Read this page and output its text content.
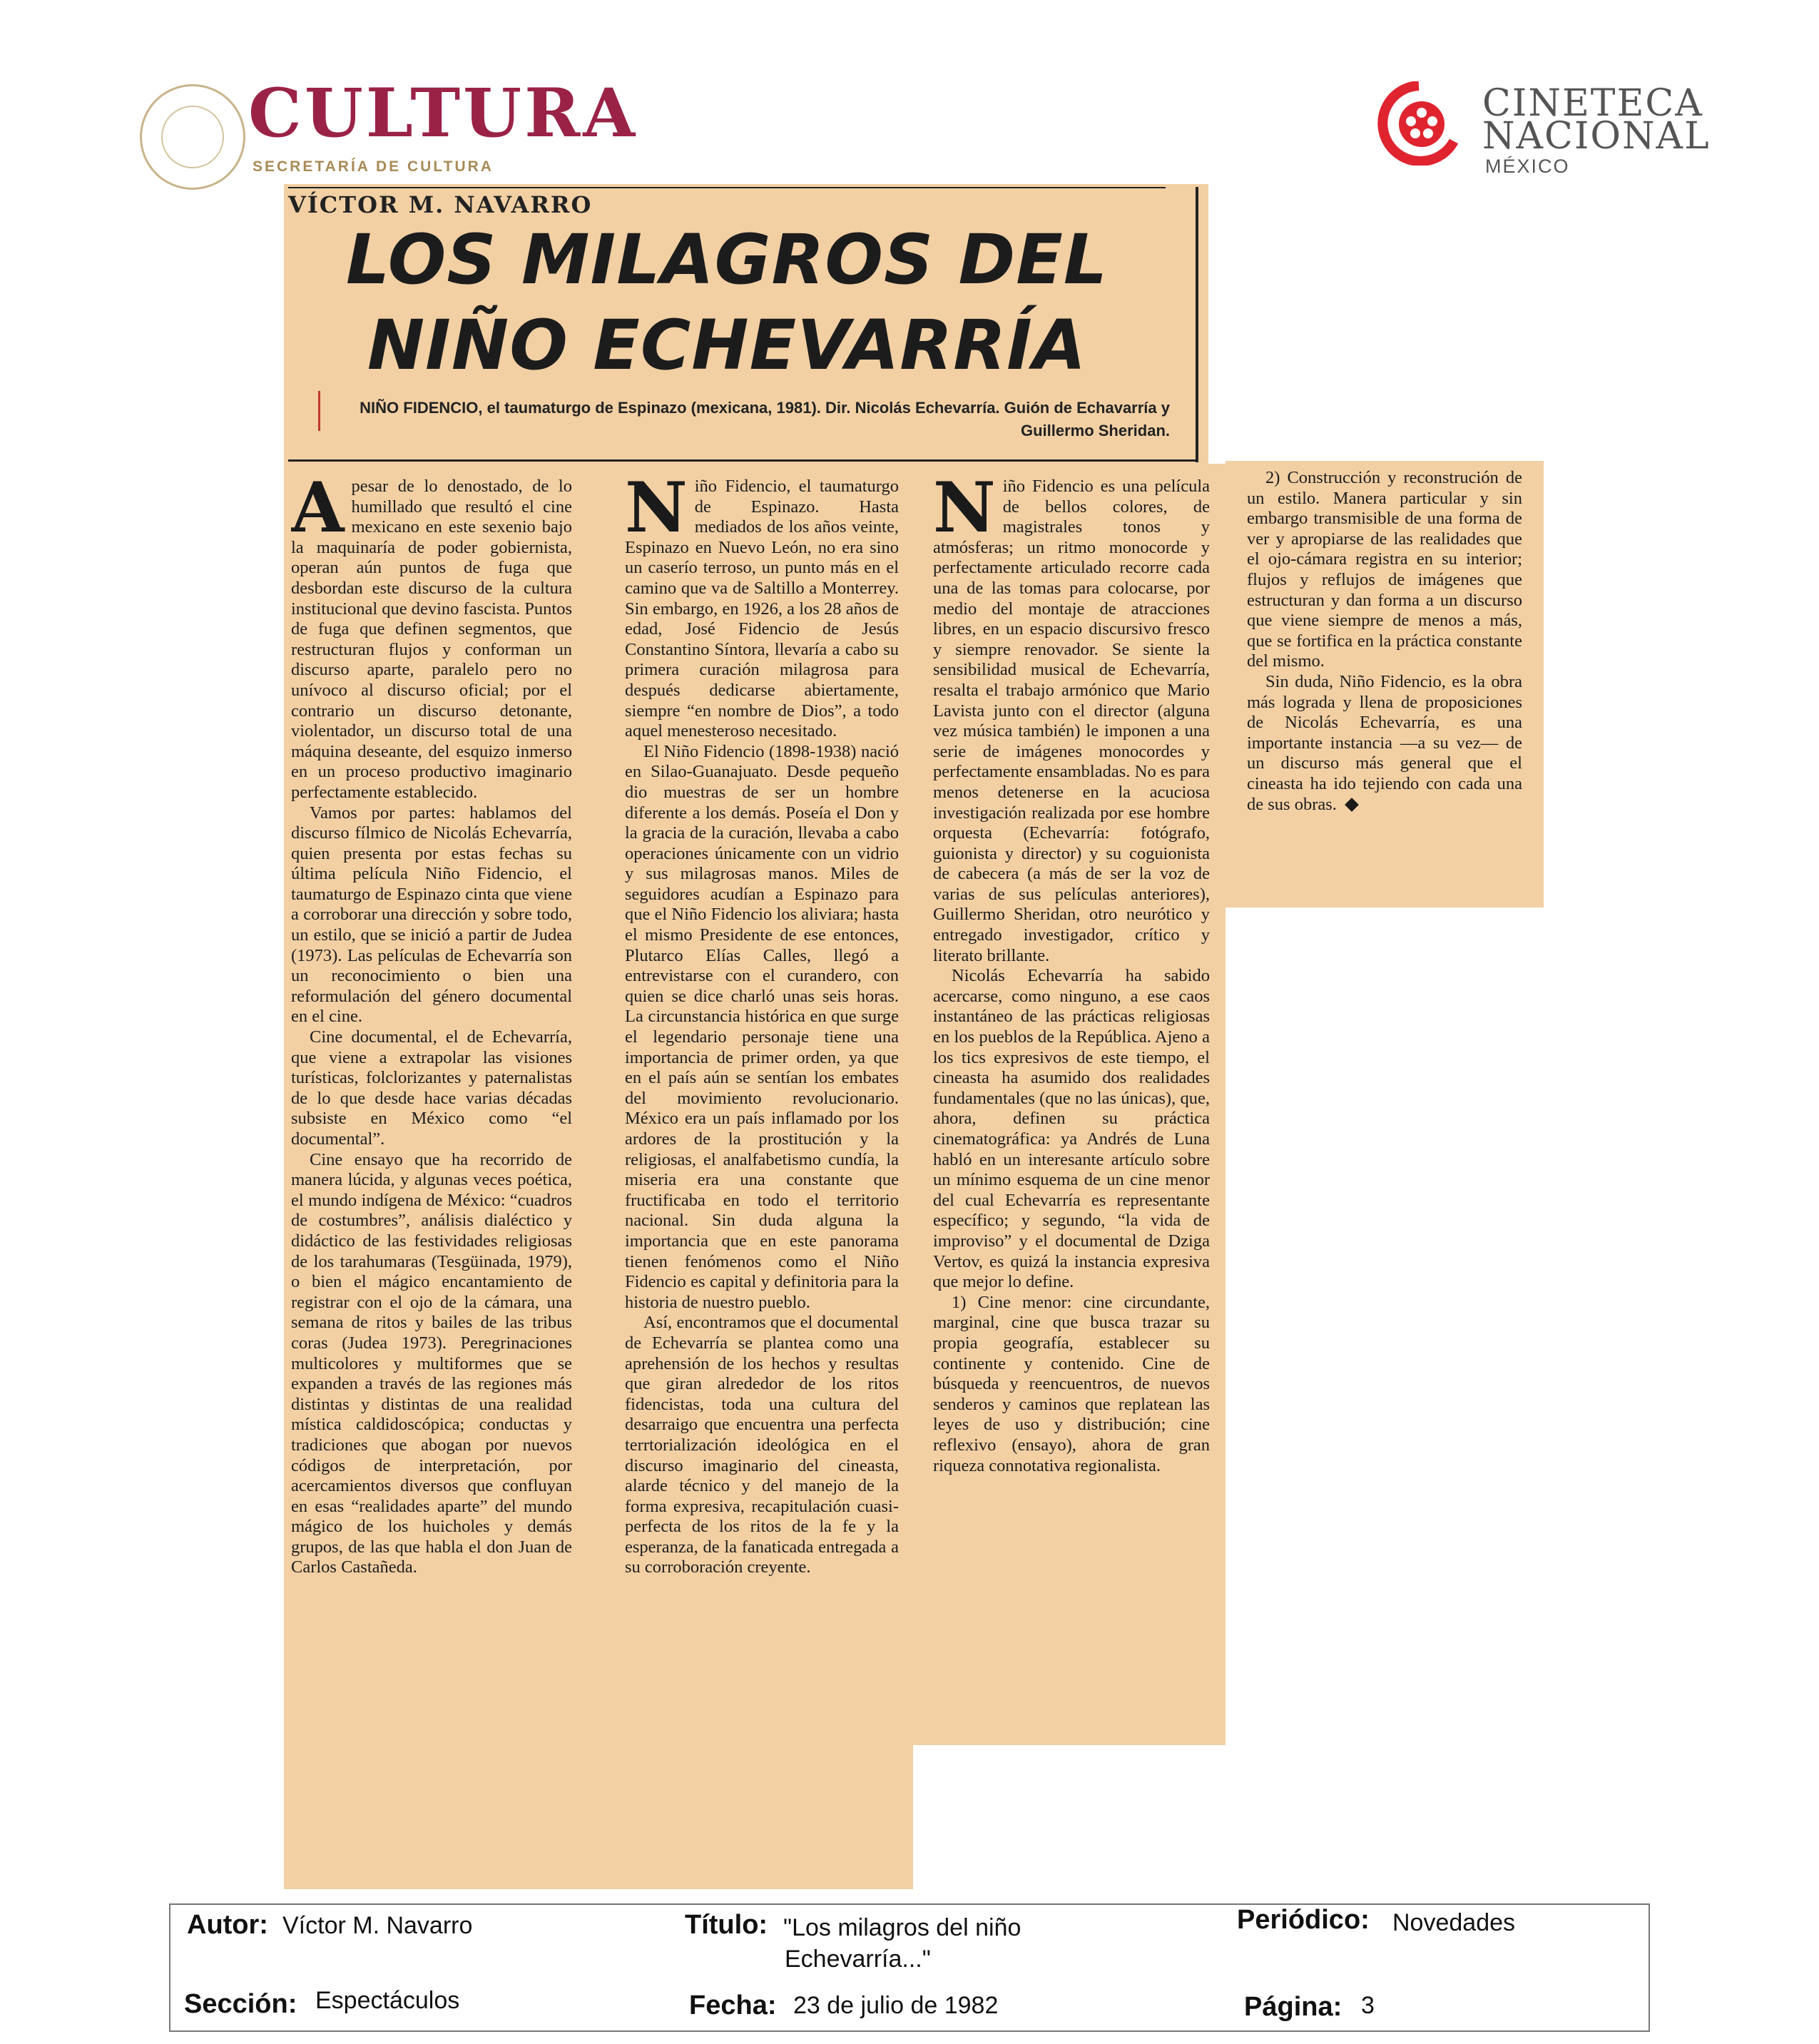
CULTURA
SECRETARÍA DE CULTURA
CINETECA
NACIONAL
MÉXICO
VÍCTOR M. NAVARRO
LOS MILAGROS DEL
NIÑO ECHEVARRÍA
NIÑO FIDENCIO, el taumaturgo de Espinazo (mexicana, 1981). Dir. Nicolás Echevarría. Guión de Echavarría y Guillermo Sheridan.
A pesar de lo denostado, de lo humillado que resultó el cine mexicano en este sexenio bajo la maquinaría de poder gobiernista, operan aún puntos de fuga que desbordan este discurso de la cultura institucional que devino fascista. Puntos de fuga que definen segmentos, que restructuran flujos y conforman un discurso aparte, paralelo pero no unívoco al discurso oficial; por el contrario un discurso detonante, violentador, un discurso total de una máquina deseante, del esquizo inmerso en un proceso productivo imaginario perfectamente establecido.

Vamos por partes: hablamos del discurso fílmico de Nicolás Echevarría, quien presenta por estas fechas su última película Niño Fidencio, el taumaturgo de Espinazo cinta que viene a corroborar una dirección y sobre todo, un estilo, que se inició a partir de Judea (1973). Las películas de Echevarría son un reconocimiento o bien una reformulación del género documental en el cine.

Cine documental, el de Echevarría, que viene a extrapolar las visiones turísticas, folclorizantes y paternalistas de lo que desde hace varias décadas subsiste en México como “el documental”.

Cine ensayo que ha recorrido de manera lúcida, y algunas veces poética, el mundo indígena de México: “cuadros de costumbres”, análisis dialéctico y didáctico de las festividades religiosas de los tarahumaras (Tesgüinada, 1979), o bien el mágico encantamiento de registrar con el ojo de la cámara, una semana de ritos y bailes de las tribus coras (Judea 1973). Peregrinaciones multicolores y multiformes que se expanden a través de las regiones más distintas y distintas de una realidad mística caldidoscópica; conductas y tradiciones que abogan por nuevos códigos de interpretación, por acercamientos diversos que confluyan en esas “realidades aparte” del mundo mágico de los huicholes y demás grupos, de las que habla el don Juan de Carlos Castañeda.

N iño Fidencio, el taumaturgo de Espinazo. Hasta mediados de los años veinte, Espinazo en Nuevo León, no era sino un caserío terroso, un punto más en el camino que va de Saltillo a Monterrey. Sin embargo, en 1926, a los 28 años de edad, José Fidencio de Jesús Constantino Síntora, llevaría a cabo su primera curación milagrosa para después dedicarse abiertamente, siempre “en nombre de Dios”, a todo aquel menesteroso necesitado.

El Niño Fidencio (1898-1938) nació en Silao-Guanajuato. Desde pequeño dio muestras de ser un hombre diferente a los demás. Poseía el Don y la gracia de la curación, llevaba a cabo operaciones únicamente con un vidrio y sus milagrosas manos. Miles de seguidores acudían a Espinazo para que el Niño Fidencio los aliviara; hasta el mismo Presidente de ese entonces, Plutarco Elías Calles, llegó a entrevistarse con el curandero, con quien se dice charló unas seis horas. La circunstancia histórica en que surge el legendario personaje tiene una importancia de primer orden, ya que en el país aún se sentían los embates del movimiento revolucionario. México era un país inflamado por los ardores de la prostitución y la religiosas, el analfabetismo cundía, la miseria era una constante que fructificaba en todo el territorio nacional. Sin duda alguna la importancia que en este panorama tienen fenómenos como el Niño Fidencio es capital y definitoria para la historia de nuestro pueblo.

Así, encontramos que el documental de Echevarría se plantea como una aprehensión de los hechos y resultas que giran alrededor de los ritos fidencistas, toda una cultura del desarraigo que encuentra una perfecta terrtorialización ideológica en el discurso imaginario del cineasta, alarde técnico y del manejo de la forma expresiva, recapitulación cuasi-perfecta de los ritos de la fe y la esperanza, de la fanaticada entregada a su corroboración creyente.

N iño Fidencio es una película de bellos colores, de magistrales tonos y atmósferas; un ritmo monocorde y perfectamente articulado recorre cada una de las tomas para colocarse, por medio del montaje de atracciones libres, en un espacio discursivo fresco y siempre renovador. Se siente la sensibilidad musical de Echevarría, resalta el trabajo armónico que Mario Lavista junto con el director (alguna vez música también) le imponen a una serie de imágenes monocordes y perfectamente ensambladas. No es para menos detenerse en la acuciosa investigación realizada por ese hombre orquesta (Echevarría: fotógrafo, guionista y director) y su coguionista de cabecera (a más de ser la voz de varias de sus películas anteriores), Guillermo Sheridan, otro neurótico y entregado investigador, crítico y literato brillante.

Nicolás Echevarría ha sabido acercarse, como ninguno, a ese caos instantáneo de las prácticas religiosas en los pueblos de la República. Ajeno a los tics expresivos de este tiempo, el cineasta ha asumido dos realidades fundamentales (que no las únicas), que, ahora, definen su práctica cinematográfica: ya Andrés de Luna habló en un interesante artículo sobre un mínimo esquema de un cine menor del cual Echevarría es representante específico; y segundo, “la vida de improviso” y el documental de Dziga Vertov, es quizá la instancia expresiva que mejor lo define.

1) Cine menor: cine circundante, marginal, cine que busca trazar su propia geografía, establecer su continente y contenido. Cine de búsqueda y reencuentros, de nuevos senderos y caminos que replatean las leyes de uso y distribución; cine reflexivo (ensayo), ahora de gran riqueza connotativa regionalista.

2) Construcción y reconstrución de un estilo. Manera particular y sin embargo transmisible de una forma de ver y apropiarse de las realidades que el ojo-cámara registra en su interior; flujos y reflujos de imágenes que estructuran y dan forma a un discurso que viene siempre de menos a más, que se fortifica en la práctica constante del mismo.

Sin duda, Niño Fidencio, es la obra más lograda y llena de proposiciones de Nicolás Echevarría, es una importante instancia —a su vez— de un discurso más general que el cineasta ha ido tejiendo con cada una de sus obras.

Autor: Víctor M. Navarro	Título: "Los milagros del niño
Echevarría..."
Periódico: Novedades
Sección: Espectáculos	Fecha: 23 de julio de 1982	Página: 3
